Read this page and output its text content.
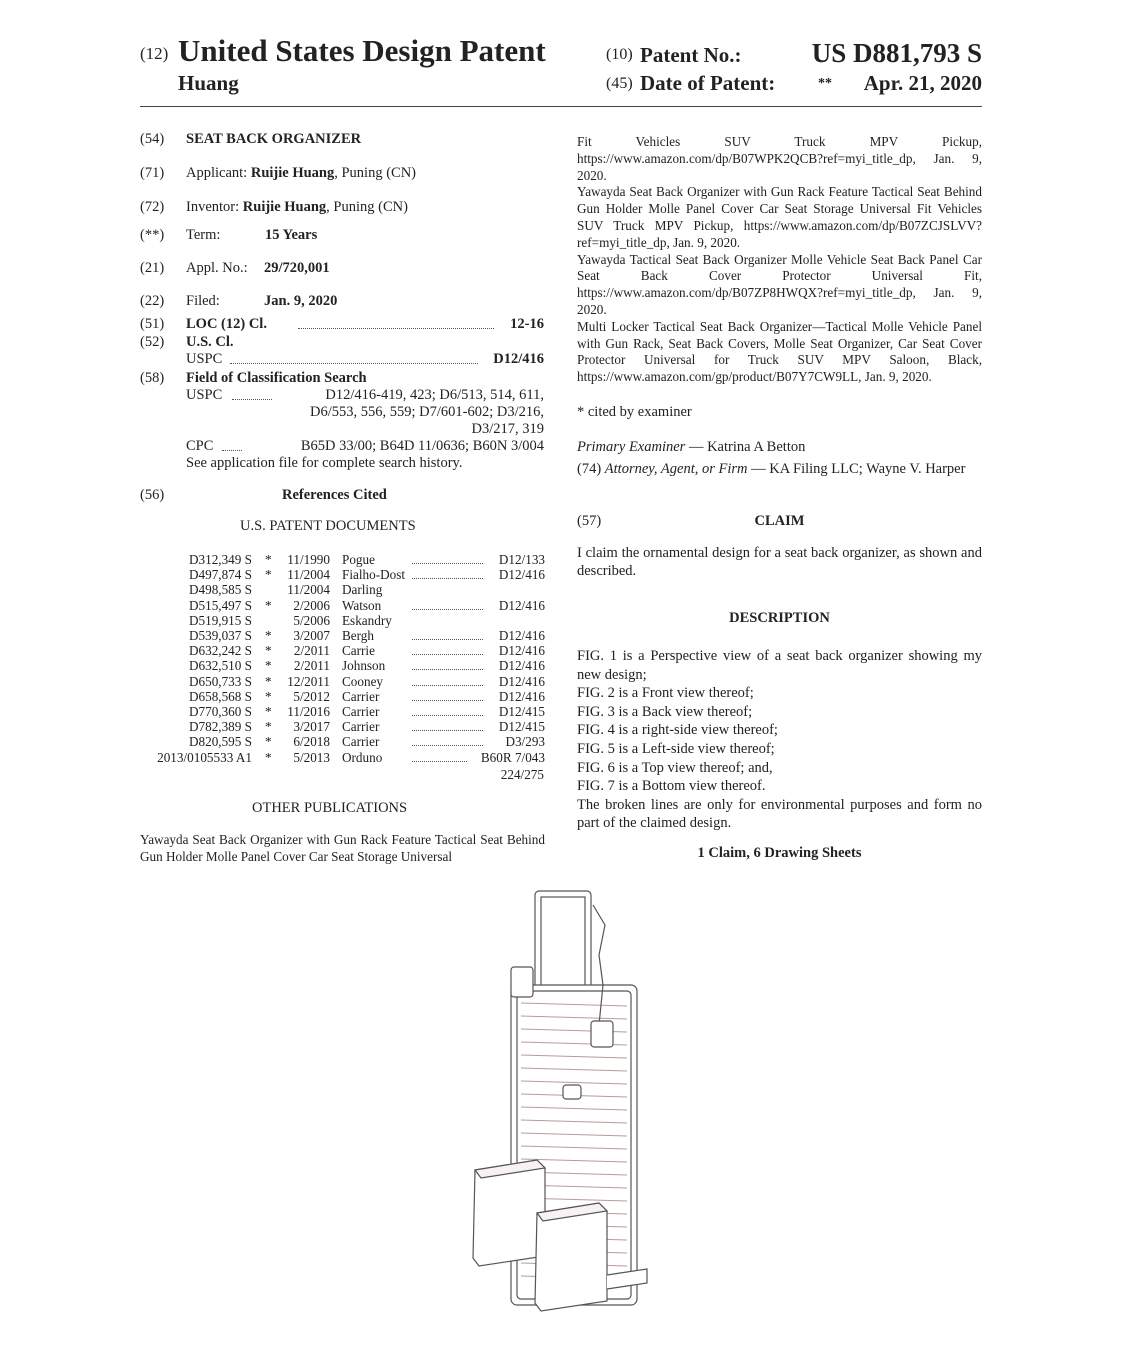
(12) United States Design Patent	(10) Patent No.:	US D881,793 S
Huang	(45) Date of Patent:	** Apr. 21, 2020
(54) SEAT BACK ORGANIZER
(71) Applicant: Ruijie Huang, Puning (CN)
(72) Inventor: Ruijie Huang, Puning (CN)
(**) Term:	15 Years
(21) Appl. No.: 29/720,001
(22) Filed:	Jan. 9, 2020
(51) LOC (12) Cl.	12-16
(52) U.S. Cl.
USPC	D12/416
(58) Field of Classification Search
USPC	D12/416-419, 423; D6/513, 514, 611,
D6/553, 556, 559; D7/601-602; D3/216,
D3/217, 319
CPC	B65D 33/00; B64D 11/0636; B60N 3/004
See application file for complete search history.
(56)	References Cited
U.S. PATENT DOCUMENTS
D312,349 S * 11/1990 Pogue	D12/133
D497,874 S * 11/2004 Fialho-Dost	D12/416
D498,585 S	11/2004 Darling
D515,497 S * 2/2006 Watson	D12/416
D519,915 S	5/2006 Eskandry
D539,037 S * 3/2007 Bergh	D12/416
D632,242 S * 2/2011 Carrie	D12/416
D632,510 S * 2/2011 Johnson	D12/416
D650,733 S * 12/2011 Cooney	D12/416
D658,568 S * 5/2012 Carrier	D12/416
D770,360 S * 11/2016 Carrier	D12/415
D782,389 S * 3/2017 Carrier	D12/415
D820,595 S * 6/2018 Carrier	D3/293
2013/0105533 A1 * 5/2013 Orduno	B60R 7/043
224/275
OTHER PUBLICATIONS
Yawayda Seat Back Organizer with Gun Rack Feature Tactical Seat Behind Gun Holder Molle Panel Cover Car Seat Storage Universal
Fit Vehicles SUV Truck MPV Pickup, https://www.amazon.com/dp/B07WPK2QCB?ref=myi_title_dp, Jan. 9, 2020.
Yawayda Seat Back Organizer with Gun Rack Feature Tactical Seat Behind Gun Holder Molle Panel Cover Car Seat Storage Universal Fit Vehicles SUV Truck MPV Pickup, https://www.amazon.com/dp/B07ZCJSLVV?ref=myi_title_dp, Jan. 9, 2020.
Yawayda Tactical Seat Back Organizer Molle Vehicle Seat Back Panel Car Seat Back Cover Protector Universal Fit, https://www.amazon.com/dp/B07ZP8HWQX?ref=myi_title_dp, Jan. 9, 2020.
Multi Locker Tactical Seat Back Organizer—Tactical Molle Vehicle Panel with Gun Rack, Seat Back Covers, Molle Seat Organizer, Car Seat Cover Protector Universal for Truck SUV MPV Saloon, Black, https://www.amazon.com/gp/product/B07Y7CW9LL, Jan. 9, 2020.
* cited by examiner
Primary Examiner — Katrina A Betton
(74) Attorney, Agent, or Firm — KA Filing LLC; Wayne V. Harper
(57)	CLAIM
I claim the ornamental design for a seat back organizer, as shown and described.
DESCRIPTION
FIG. 1 is a Perspective view of a seat back organizer showing my new design;
FIG. 2 is a Front view thereof;
FIG. 3 is a Back view thereof;
FIG. 4 is a right-side view thereof;
FIG. 5 is a Left-side view thereof;
FIG. 6 is a Top view thereof; and,
FIG. 7 is a Bottom view thereof.
The broken lines are only for environmental purposes and form no part of the claimed design.
1 Claim, 6 Drawing Sheets
